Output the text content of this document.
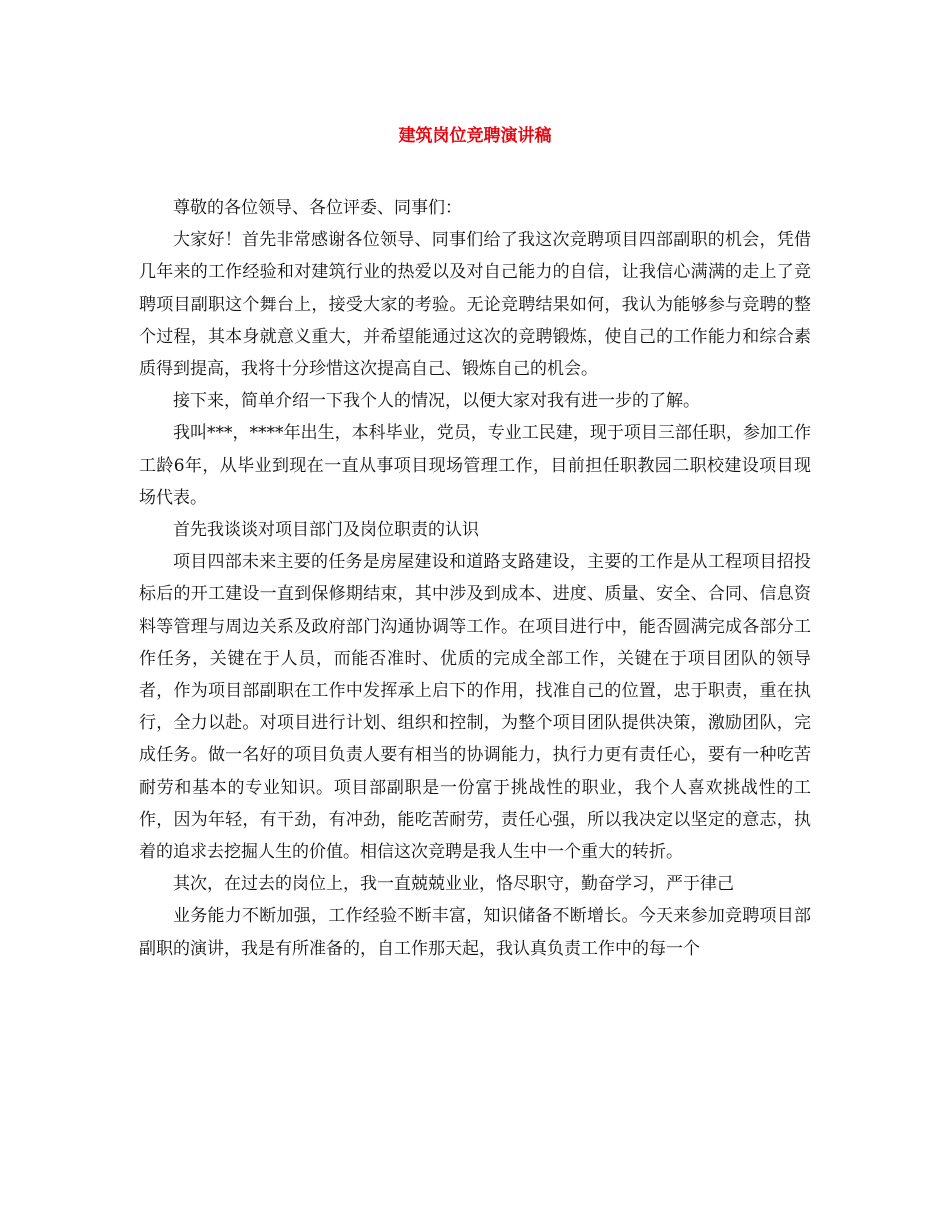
建筑岗位竞聘演讲稿

尊敬的各位领导、各位评委、同事们：

大家好！首先非常感谢各位领导、同事们给了我这次竞聘项目四部副职的机会，凭借几年来的工作经验和对建筑行业的热爱以及对自己能力的自信，让我信心满满的走上了竞聘项目副职这个舞台上，接受大家的考验。无论竞聘结果如何，我认为能够参与竞聘的整个过程，其本身就意义重大，并希望能通过这次的竞聘锻炼，使自己的工作能力和综合素质得到提高，我将十分珍惜这次提高自己、锻炼自己的机会。

接下来，简单介绍一下我个人的情况，以便大家对我有进一步的了解。

我叫***，****年出生，本科毕业，党员，专业工民建，现于项目三部任职，参加工作工龄6年，从毕业到现在一直从事项目现场管理工作，目前担任职教园二职校建设项目现场代表。

首先我谈谈对项目部门及岗位职责的认识

项目四部未来主要的任务是房屋建设和道路支路建设，主要的工作是从工程项目招投标后的开工建设一直到保修期结束，其中涉及到成本、进度、质量、安全、合同、信息资料等管理与周边关系及政府部门沟通协调等工作。在项目进行中，能否圆满完成各部分工作任务，关键在于人员，而能否准时、优质的完成全部工作，关键在于项目团队的领导者，作为项目部副职在工作中发挥承上启下的作用，找准自己的位置，忠于职责，重在执行，全力以赴。对项目进行计划、组织和控制，为整个项目团队提供决策，激励团队，完成任务。做一名好的项目负责人要有相当的协调能力，执行力更有责任心，要有一种吃苦耐劳和基本的专业知识。项目部副职是一份富于挑战性的职业，我个人喜欢挑战性的工作，因为年轻，有干劲，有冲劲，能吃苦耐劳，责任心强，所以我决定以坚定的意志，执着的追求去挖掘人生的价值。相信这次竞聘是我人生中一个重大的转折。

其次，在过去的岗位上，我一直兢兢业业，恪尽职守，勤奋学习，严于律己

业务能力不断加强，工作经验不断丰富，知识储备不断增长。今天来参加竞聘项目部副职的演讲，我是有所准备的，自工作那天起，我认真负责工作中的每一个
